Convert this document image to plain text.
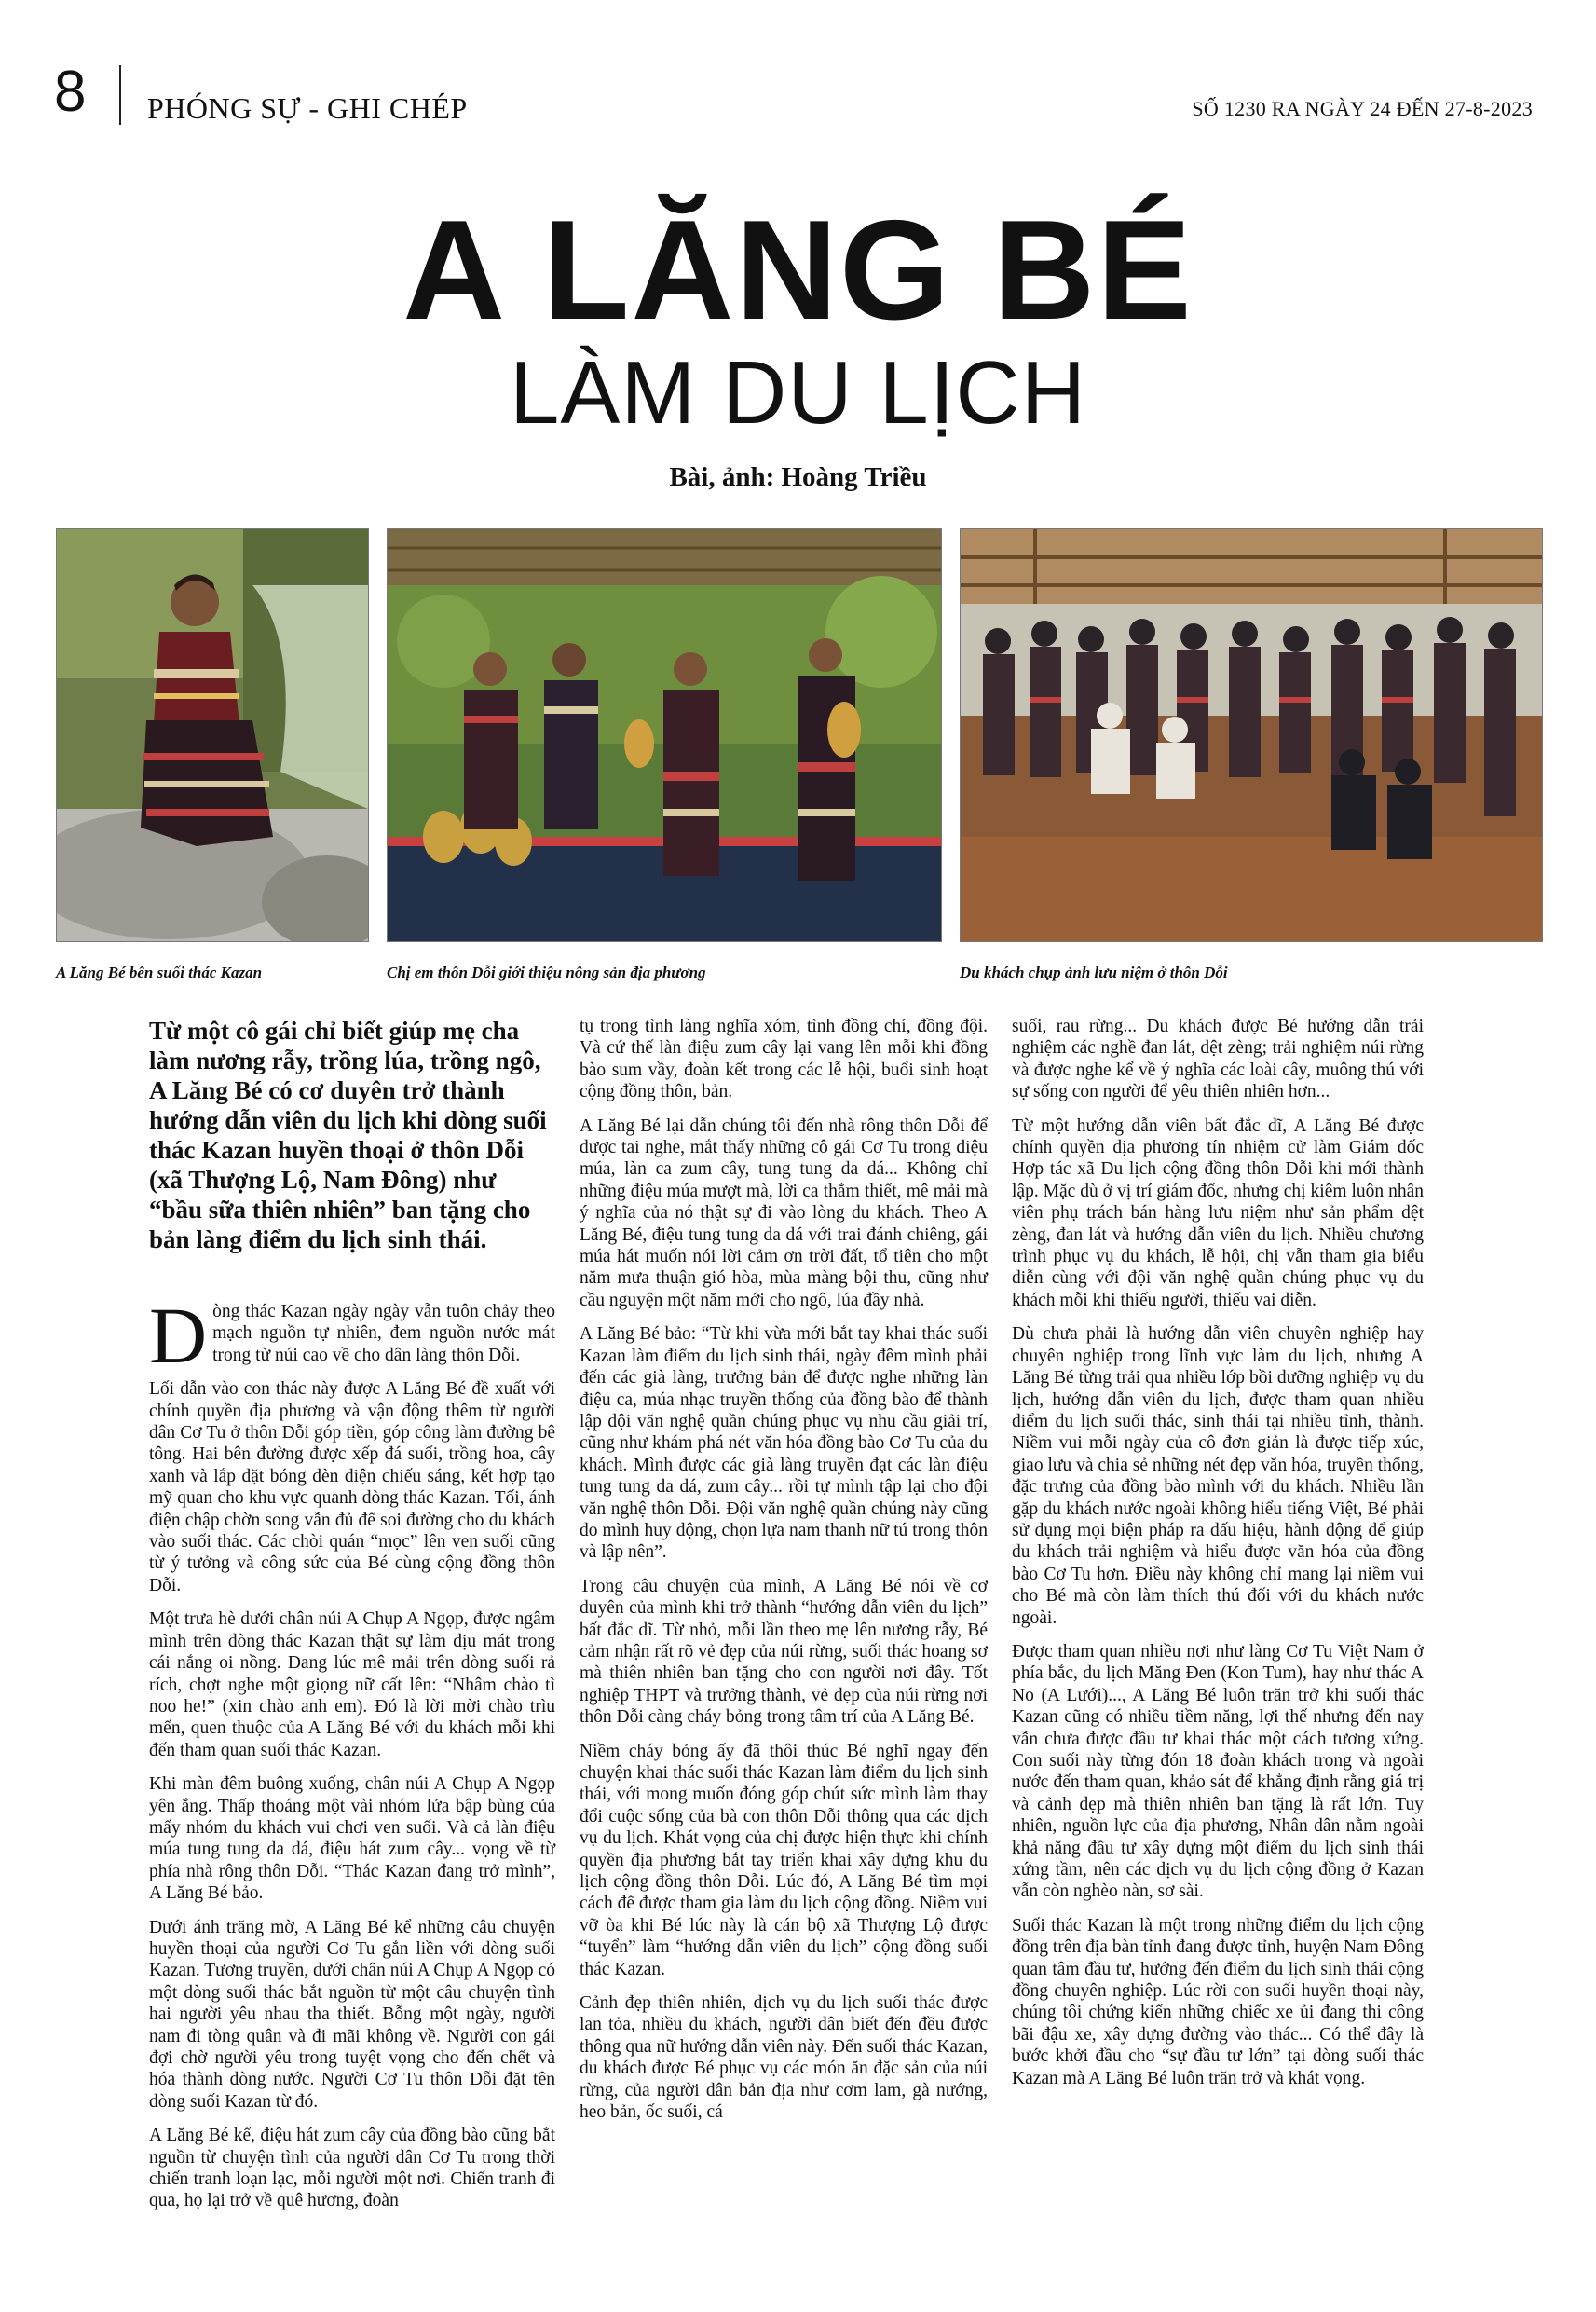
8 PHÓNG SỰ - GHI CHÉP	SỐ 1230 RA NGÀY 24 ĐẾN 27-8-2023
A LĂNG BÉ
LÀM DU LỊCH
Bài, ảnh: Hoàng Triều
A Lăng Bé bên suối thác Kazan	Chị em thôn Dỗi giới thiệu nông sản địa phương	Du khách chụp ảnh lưu niệm ở thôn Dỗi

Từ một cô gái chỉ biết giúp mẹ cha làm nương rẫy, trồng lúa, trồng ngô, A Lăng Bé có cơ duyên trở thành hướng dẫn viên du lịch khi dòng suối thác Kazan huyền thoại ở thôn Dỗi (xã Thượng Lộ, Nam Đông) như “bầu sữa thiên nhiên” ban tặng cho bản làng điểm du lịch sinh thái.

Dòng thác Kazan ngày ngày vẫn tuôn chảy theo mạch nguồn tự nhiên, đem nguồn nước mát trong từ núi cao về cho dân làng thôn Dỗi.

Lối dẫn vào con thác này được A Lăng Bé đề xuất với chính quyền địa phương và vận động thêm từ người dân Cơ Tu ở thôn Dỗi góp tiền, góp công làm đường bê tông. Hai bên đường được xếp đá suối, trồng hoa, cây xanh và lắp đặt bóng đèn điện chiếu sáng, kết hợp tạo mỹ quan cho khu vực quanh dòng thác Kazan. Tối, ánh điện chập chờn song vẫn đủ để soi đường cho du khách vào suối thác. Các chòi quán “mọc” lên ven suối cũng từ ý tưởng và công sức của Bé cùng cộng đồng thôn Dỗi.

Một trưa hè dưới chân núi A Chụp A Ngọp, được ngâm mình trên dòng thác Kazan thật sự làm dịu mát trong cái nắng oi nồng. Đang lúc mê mải trên dòng suối rả rích, chợt nghe một giọng nữ cất lên: “Nhâm chào tì noo he!” (xin chào anh em). Đó là lời mời chào trìu mến, quen thuộc của A Lăng Bé với du khách mỗi khi đến tham quan suối thác Kazan.

Khi màn đêm buông xuống, chân núi A Chụp A Ngọp yên ắng. Thấp thoáng một vài nhóm lửa bập bùng của mấy nhóm du khách vui chơi ven suối. Và cả làn điệu múa tung tung da dá, điệu hát zum cây... vọng về từ phía nhà rông thôn Dỗi. “Thác Kazan đang trở mình”, A Lăng Bé bảo.

Dưới ánh trăng mờ, A Lăng Bé kể những câu chuyện huyền thoại của người Cơ Tu gắn liền với dòng suối Kazan. Tương truyền, dưới chân núi A Chụp A Ngọp có một dòng suối thác bắt nguồn từ một câu chuyện tình hai người yêu nhau tha thiết. Bỗng một ngày, người nam đi tòng quân và đi mãi không về. Người con gái đợi chờ người yêu trong tuyệt vọng cho đến chết và hóa thành dòng nước. Người Cơ Tu thôn Dỗi đặt tên dòng suối Kazan từ đó.

A Lăng Bé kể, điệu hát zum cây của đồng bào cũng bắt nguồn từ chuyện tình của người dân Cơ Tu trong thời chiến tranh loạn lạc, mỗi người một nơi. Chiến tranh đi qua, họ lại trở về quê hương, đoàn

tụ trong tình làng nghĩa xóm, tình đồng chí, đồng đội. Và cứ thế làn điệu zum cây lại vang lên mỗi khi đồng bào sum vầy, đoàn kết trong các lễ hội, buổi sinh hoạt cộng đồng thôn, bản.

A Lăng Bé lại dẫn chúng tôi đến nhà rông thôn Dỗi để được tai nghe, mắt thấy những cô gái Cơ Tu trong điệu múa, làn ca zum cây, tung tung da dá... Không chỉ những điệu múa mượt mà, lời ca thắm thiết, mê mải mà ý nghĩa của nó thật sự đi vào lòng du khách. Theo A Lăng Bé, điệu tung tung da dá với trai đánh chiêng, gái múa hát muốn nói lời cảm ơn trời đất, tổ tiên cho một năm mưa thuận gió hòa, mùa màng bội thu, cũng như cầu nguyện một năm mới cho ngô, lúa đầy nhà.

A Lăng Bé bảo: “Từ khi vừa mới bắt tay khai thác suối Kazan làm điểm du lịch sinh thái, ngày đêm mình phải đến các già làng, trưởng bản để được nghe những làn điệu ca, múa nhạc truyền thống của đồng bào để thành lập đội văn nghệ quần chúng phục vụ nhu cầu giải trí, cũng như khám phá nét văn hóa đồng bào Cơ Tu của du khách. Mình được các già làng truyền đạt các làn điệu tung tung da dá, zum cây... rồi tự mình tập lại cho đội văn nghệ thôn Dỗi. Đội văn nghệ quần chúng này cũng do mình huy động, chọn lựa nam thanh nữ tú trong thôn và lập nên”.

Trong câu chuyện của mình, A Lăng Bé nói về cơ duyên của mình khi trở thành “hướng dẫn viên du lịch” bất đắc dĩ. Từ nhỏ, mỗi lần theo mẹ lên nương rẫy, Bé cảm nhận rất rõ vẻ đẹp của núi rừng, suối thác hoang sơ mà thiên nhiên ban tặng cho con người nơi đây. Tốt nghiệp THPT và trưởng thành, vẻ đẹp của núi rừng nơi thôn Dỗi càng cháy bỏng trong tâm trí của A Lăng Bé.

Niềm cháy bỏng ấy đã thôi thúc Bé nghĩ ngay đến chuyện khai thác suối thác Kazan làm điểm du lịch sinh thái, với mong muốn đóng góp chút sức mình làm thay đổi cuộc sống của bà con thôn Dỗi thông qua các dịch vụ du lịch. Khát vọng của chị được hiện thực khi chính quyền địa phương bắt tay triển khai xây dựng khu du lịch cộng đồng thôn Dỗi. Lúc đó, A Lăng Bé tìm mọi cách để được tham gia làm du lịch cộng đồng. Niềm vui vỡ òa khi Bé lúc này là cán bộ xã Thượng Lộ được “tuyển” làm “hướng dẫn viên du lịch” cộng đồng suối thác Kazan.

Cảnh đẹp thiên nhiên, dịch vụ du lịch suối thác được lan tỏa, nhiều du khách, người dân biết đến đều được thông qua nữ hướng dẫn viên này. Đến suối thác Kazan, du khách được Bé phục vụ các món ăn đặc sản của núi rừng, của người dân bản địa như cơm lam, gà nướng, heo bản, ốc suối, cá

suối, rau rừng... Du khách được Bé hướng dẫn trải nghiệm các nghề đan lát, dệt zèng; trải nghiệm núi rừng và được nghe kể về ý nghĩa các loài cây, muông thú với sự sống con người để yêu thiên nhiên hơn...

Từ một hướng dẫn viên bất đắc dĩ, A Lăng Bé được chính quyền địa phương tín nhiệm cử làm Giám đốc Hợp tác xã Du lịch cộng đồng thôn Dỗi khi mới thành lập. Mặc dù ở vị trí giám đốc, nhưng chị kiêm luôn nhân viên phụ trách bán hàng lưu niệm như sản phẩm dệt zèng, đan lát và hướng dẫn viên du lịch. Nhiều chương trình phục vụ du khách, lễ hội, chị vẫn tham gia biểu diễn cùng với đội văn nghệ quần chúng phục vụ du khách mỗi khi thiếu người, thiếu vai diễn.

Dù chưa phải là hướng dẫn viên chuyên nghiệp hay chuyên nghiệp trong lĩnh vực làm du lịch, nhưng A Lăng Bé từng trải qua nhiều lớp bồi dưỡng nghiệp vụ du lịch, hướng dẫn viên du lịch, được tham quan nhiều điểm du lịch suối thác, sinh thái tại nhiều tỉnh, thành. Niềm vui mỗi ngày của cô đơn giản là được tiếp xúc, giao lưu và chia sẻ những nét đẹp văn hóa, truyền thống, đặc trưng của đồng bào mình với du khách. Nhiều lần gặp du khách nước ngoài không hiểu tiếng Việt, Bé phải sử dụng mọi biện pháp ra dấu hiệu, hành động để giúp du khách trải nghiệm và hiểu được văn hóa của đồng bào Cơ Tu hơn. Điều này không chỉ mang lại niềm vui cho Bé mà còn làm thích thú đối với du khách nước ngoài.

Được tham quan nhiều nơi như làng Cơ Tu Việt Nam ở phía bắc, du lịch Măng Đen (Kon Tum), hay như thác A No (A Lưới)..., A Lăng Bé luôn trăn trở khi suối thác Kazan cũng có nhiều tiềm năng, lợi thế nhưng đến nay vẫn chưa được đầu tư khai thác một cách tương xứng. Con suối này từng đón 18 đoàn khách trong và ngoài nước đến tham quan, khảo sát để khẳng định rằng giá trị và cảnh đẹp mà thiên nhiên ban tặng là rất lớn. Tuy nhiên, nguồn lực của địa phương, Nhân dân nằm ngoài khả năng đầu tư xây dựng một điểm du lịch sinh thái xứng tầm, nên các dịch vụ du lịch cộng đồng ở Kazan vẫn còn nghèo nàn, sơ sài.

Suối thác Kazan là một trong những điểm du lịch cộng đồng trên địa bàn tỉnh đang được tỉnh, huyện Nam Đông quan tâm đầu tư, hướng đến điểm du lịch sinh thái cộng đồng chuyên nghiệp. Lúc rời con suối huyền thoại này, chúng tôi chứng kiến những chiếc xe ủi đang thi công bãi đậu xe, xây dựng đường vào thác... Có thể đây là bước khởi đầu cho “sự đầu tư lớn” tại dòng suối thác Kazan mà A Lăng Bé luôn trăn trở và khát vọng.
